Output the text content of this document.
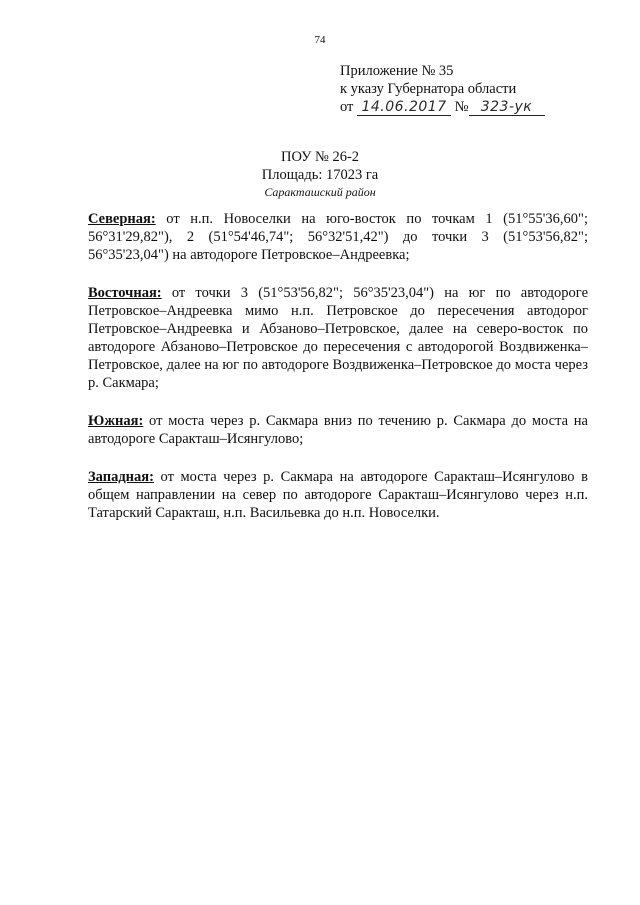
74
Приложение № 35
к указу Губернатора области
от 14.06.2017 № 323-ук
ПОУ № 26-2
Площадь: 17023 га
Саракташский район

Северная: от н.п. Новоселки на юго-восток по точкам 1 (51°55'36,60"; 56°31'29,82"), 2 (51°54'46,74"; 56°32'51,42") до точки 3 (51°53'56,82"; 56°35'23,04") на автодороге Петровское–Андреевка;

Восточная: от точки 3 (51°53'56,82"; 56°35'23,04") на юг по автодороге Петровское–Андреевка мимо н.п. Петровское до пересечения автодорог Петровское–Андреевка и Абзаново–Петровское, далее на северо-восток по автодороге Абзаново–Петровское до пересечения с автодорогой Воздвиженка–Петровское, далее на юг по автодороге Воздвиженка–Петровское до моста через р. Сакмара;

Южная: от моста через р. Сакмара вниз по течению р. Сакмара до моста на автодороге Саракташ–Исянгулово;

Западная: от моста через р. Сакмара на автодороге Саракташ–Исянгулово в общем направлении на север по автодороге Саракташ–Исянгулово через н.п. Татарский Саракташ, н.п. Васильевка до н.п. Новоселки.
